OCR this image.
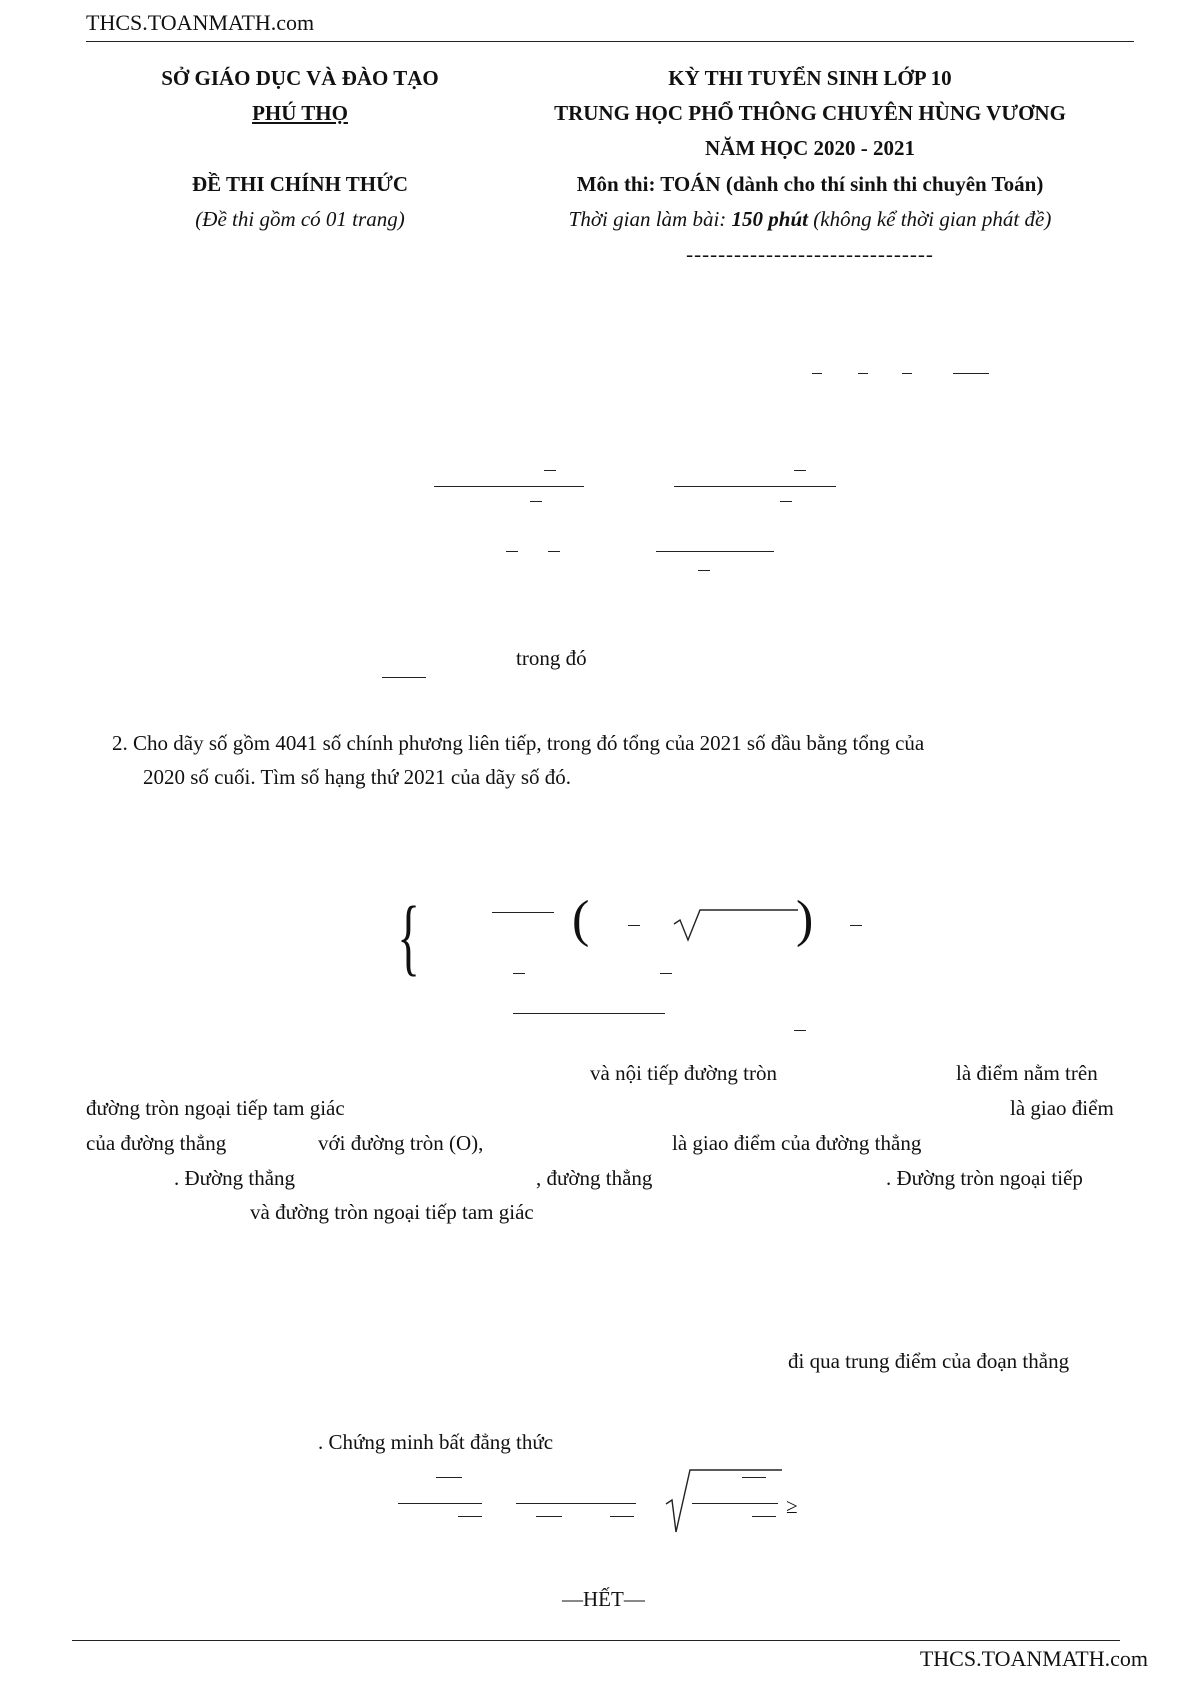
THCS.TOANMATH.com
SỞ GIÁO DỤC VÀ ĐÀO TẠO
PHÚ THỌ
ĐỀ THI CHÍNH THỨC
(Đề thi gồm có 01 trang)
KỲ THI TUYỂN SINH LỚP 10
TRUNG HỌC PHỔ THÔNG CHUYÊN HÙNG VƯƠNG
NĂM HỌC 2020 - 2021
Môn thi: TOÁN (dành cho thí sinh thi chuyên Toán)
Thời gian làm bài: 150 phút (không kể thời gian phát đề)
-------------------------------
trong đó
2. Cho dãy số gồm 4041 số chính phương liên tiếp, trong đó tổng của 2021 số đầu bằng tổng của
2020 số cuối. Tìm số hạng thứ 2021 của dãy số đó.
{	(	)
và nội tiếp đường tròn	là điểm nằm trên
đường tròn ngoại tiếp tam giác	là giao điểm
của đường thẳng	với đường tròn (O),	là giao điểm của đường thẳng
. Đường thẳng	, đường thẳng	. Đường tròn ngoại tiếp
và đường tròn ngoại tiếp tam giác
đi qua trung điểm của đoạn thẳng
. Chứng minh bất đẳng thức
≥
—HẾT—
THCS.TOANMATH.com
